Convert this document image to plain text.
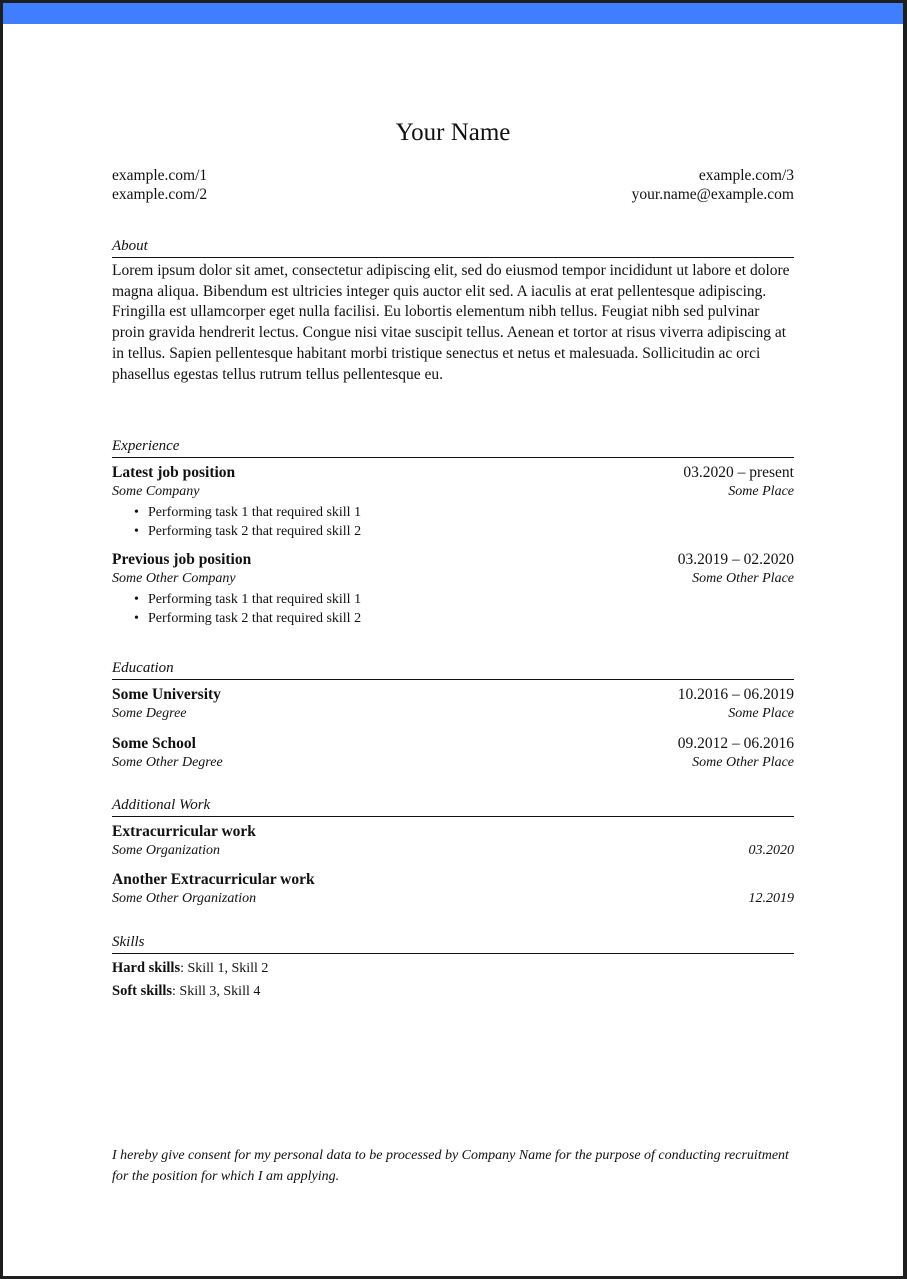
Your Name
example.com/1
example.com/2
example.com/3
your.name@example.com
About
Lorem ipsum dolor sit amet, consectetur adipiscing elit, sed do eiusmod tempor incididunt ut labore et dolore magna aliqua. Bibendum est ultricies integer quis auctor elit sed. A iaculis at erat pellentesque adipiscing. Fringilla est ullamcorper eget nulla facilisi. Eu lobortis elementum nibh tellus. Feugiat nibh sed pulvinar proin gravida hendrerit lectus. Congue nisi vitae suscipit tellus. Aenean et tortor at risus viverra adipiscing at in tellus. Sapien pellentesque habitant morbi tristique senectus et netus et malesuada. Sollicitudin ac orci phasellus egestas tellus rutrum tellus pellentesque eu.
Experience
Latest job position	03.2020 – present
Some Company	Some Place
• Performing task 1 that required skill 1
• Performing task 2 that required skill 2
Previous job position	03.2019 – 02.2020
Some Other Company	Some Other Place
• Performing task 1 that required skill 1
• Performing task 2 that required skill 2
Education
Some University	10.2016 – 06.2019
Some Degree	Some Place
Some School	09.2012 – 06.2016
Some Other Degree	Some Other Place
Additional Work
Extracurricular work
Some Organization	03.2020
Another Extracurricular work
Some Other Organization	12.2019
Skills
Hard skills: Skill 1, Skill 2
Soft skills: Skill 3, Skill 4
I hereby give consent for my personal data to be processed by Company Name for the purpose of conducting recruitment for the position for which I am applying.
